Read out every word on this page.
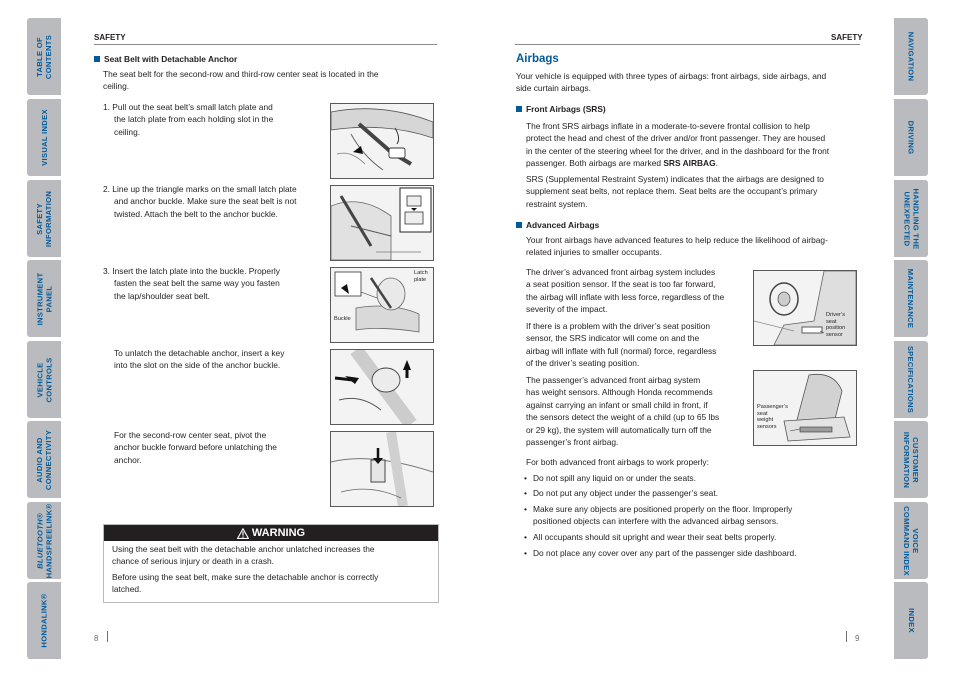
TABLE OF
CONTENTS
VISUAL INDEX
SAFETY
INFORMATION
INSTRUMENT
PANEL
VEHICLE
CONTROLS
AUDIO AND
CONNECTIVITY
BLUETOOTH®
HANDSFREELINK®
HONDALINK®
NAVIGATION
DRIVING
HANDLING THE
UNEXPECTED
MAINTENANCE
SPECIFICATIONS
CUSTOMER
INFORMATION
VOICE
COMMAND INDEX
INDEX
SAFETY
Seat Belt with Detachable Anchor
The seat belt for the second-row and third-row center seat is located in the
ceiling.
1. Pull out the seat belt’s small latch plate and
the latch plate from each holding slot in the
ceiling.
2. Line up the triangle marks on the small latch plate
and anchor buckle. Make sure the seat belt is not
twisted. Attach the belt to the anchor buckle.
3. Insert the latch plate into the buckle. Properly
fasten the seat belt the same way you fasten
the lap/shoulder seat belt.
To unlatch the detachable anchor, insert a key
into the slot on the side of the anchor buckle.
For the second-row center seat, pivot the
anchor buckle forward before unlatching the
anchor.
Latch
plate
Buckle
WARNING
Using the seat belt with the detachable anchor unlatched increases the
chance of serious injury or death in a crash.
Before using the seat belt, make sure the detachable anchor is correctly
latched.
8
SAFETY
Airbags
Your vehicle is equipped with three types of airbags: front airbags, side airbags, and
side curtain airbags.
Front Airbags (SRS)
The front SRS airbags inflate in a moderate-to-severe frontal collision to help
protect the head and chest of the driver and/or front passenger. They are housed
in the center of the steering wheel for the driver, and in the dashboard for the front
passenger. Both airbags are marked SRS AIRBAG.
SRS (Supplemental Restraint System) indicates that the airbags are designed to
supplement seat belts, not replace them. Seat belts are the occupant’s primary
restraint system.
Advanced Airbags
Your front airbags have advanced features to help reduce the likelihood of airbag-
related injuries to smaller occupants.
The driver’s advanced front airbag system includes
a seat position sensor. If the seat is too far forward,
the airbag will inflate with less force, regardless of the
severity of the impact.
If there is a problem with the driver’s seat position
sensor, the SRS indicator will come on and the
airbag will inflate with full (normal) force, regardless
of the driver’s seating position.
The passenger’s advanced front airbag system
has weight sensors. Although Honda recommends
against carrying an infant or small child in front, if
the sensors detect the weight of a child (up to 65 lbs
or 29 kg), the system will automatically turn off the
passenger’s front airbag.
Driver’s
seat
position
sensor
Passenger’s
seat
weight
sensors
For both advanced front airbags to work properly:
• Do not spill any liquid on or under the seats.
• Do not put any object under the passenger’s seat.
• Make sure any objects are positioned properly on the floor. Improperly
positioned objects can interfere with the advanced airbag sensors.
• All occupants should sit upright and wear their seat belts properly.
• Do not place any cover over any part of the passenger side dashboard.
9
